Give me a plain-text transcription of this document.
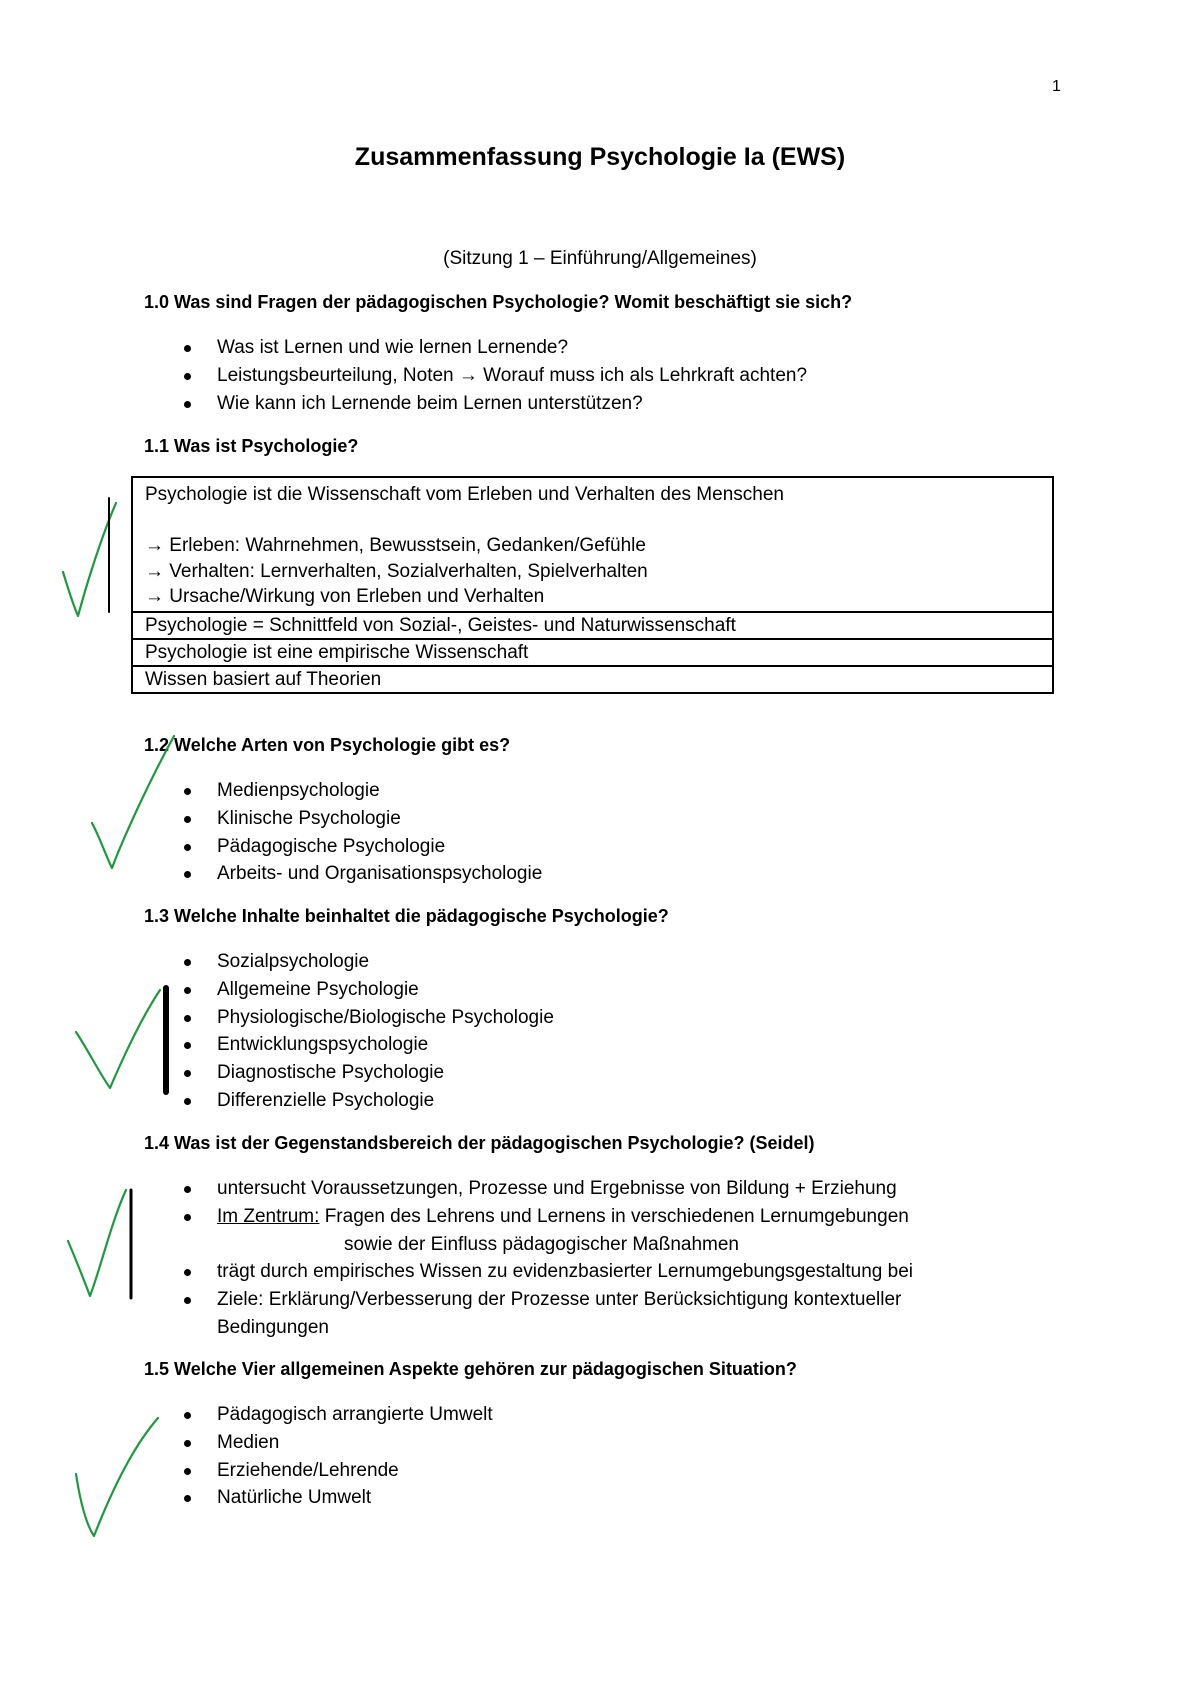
1
Zusammenfassung Psychologie Ia (EWS)
(Sitzung 1 – Einführung/Allgemeines)
1.0 Was sind Fragen der pädagogischen Psychologie? Womit beschäftigt sie sich?
Was ist Lernen und wie lernen Lernende?
Leistungsbeurteilung, Noten → Worauf muss ich als Lehrkraft achten?
Wie kann ich Lernende beim Lernen unterstützen?
1.1 Was ist Psychologie?
Psychologie ist die Wissenschaft vom Erleben und Verhalten des Menschen
→ Erleben: Wahrnehmen, Bewusstsein, Gedanken/Gefühle
→ Verhalten: Lernverhalten, Sozialverhalten, Spielverhalten
→ Ursache/Wirkung von Erleben und Verhalten
Psychologie = Schnittfeld von Sozial-, Geistes- und Naturwissenschaft
Psychologie ist eine empirische Wissenschaft
Wissen basiert auf Theorien
1.2 Welche Arten von Psychologie gibt es?
Medienpsychologie
Klinische Psychologie
Pädagogische Psychologie
Arbeits- und Organisationspsychologie
1.3 Welche Inhalte beinhaltet die pädagogische Psychologie?
Sozialpsychologie
Allgemeine Psychologie
Physiologische/Biologische Psychologie
Entwicklungspsychologie
Diagnostische Psychologie
Differenzielle Psychologie
1.4 Was ist der Gegenstandsbereich der pädagogischen Psychologie? (Seidel)
untersucht Voraussetzungen, Prozesse und Ergebnisse von Bildung + Erziehung
Im Zentrum: Fragen des Lehrens und Lernens in verschiedenen Lernumgebungen
sowie der Einfluss pädagogischer Maßnahmen
trägt durch empirisches Wissen zu evidenzbasierter Lernumgebungsgestaltung bei
Ziele: Erklärung/Verbesserung der Prozesse unter Berücksichtigung kontextueller
Bedingungen
1.5 Welche Vier allgemeinen Aspekte gehören zur pädagogischen Situation?
Pädagogisch arrangierte Umwelt
Medien
Erziehende/Lehrende
Natürliche Umwelt
